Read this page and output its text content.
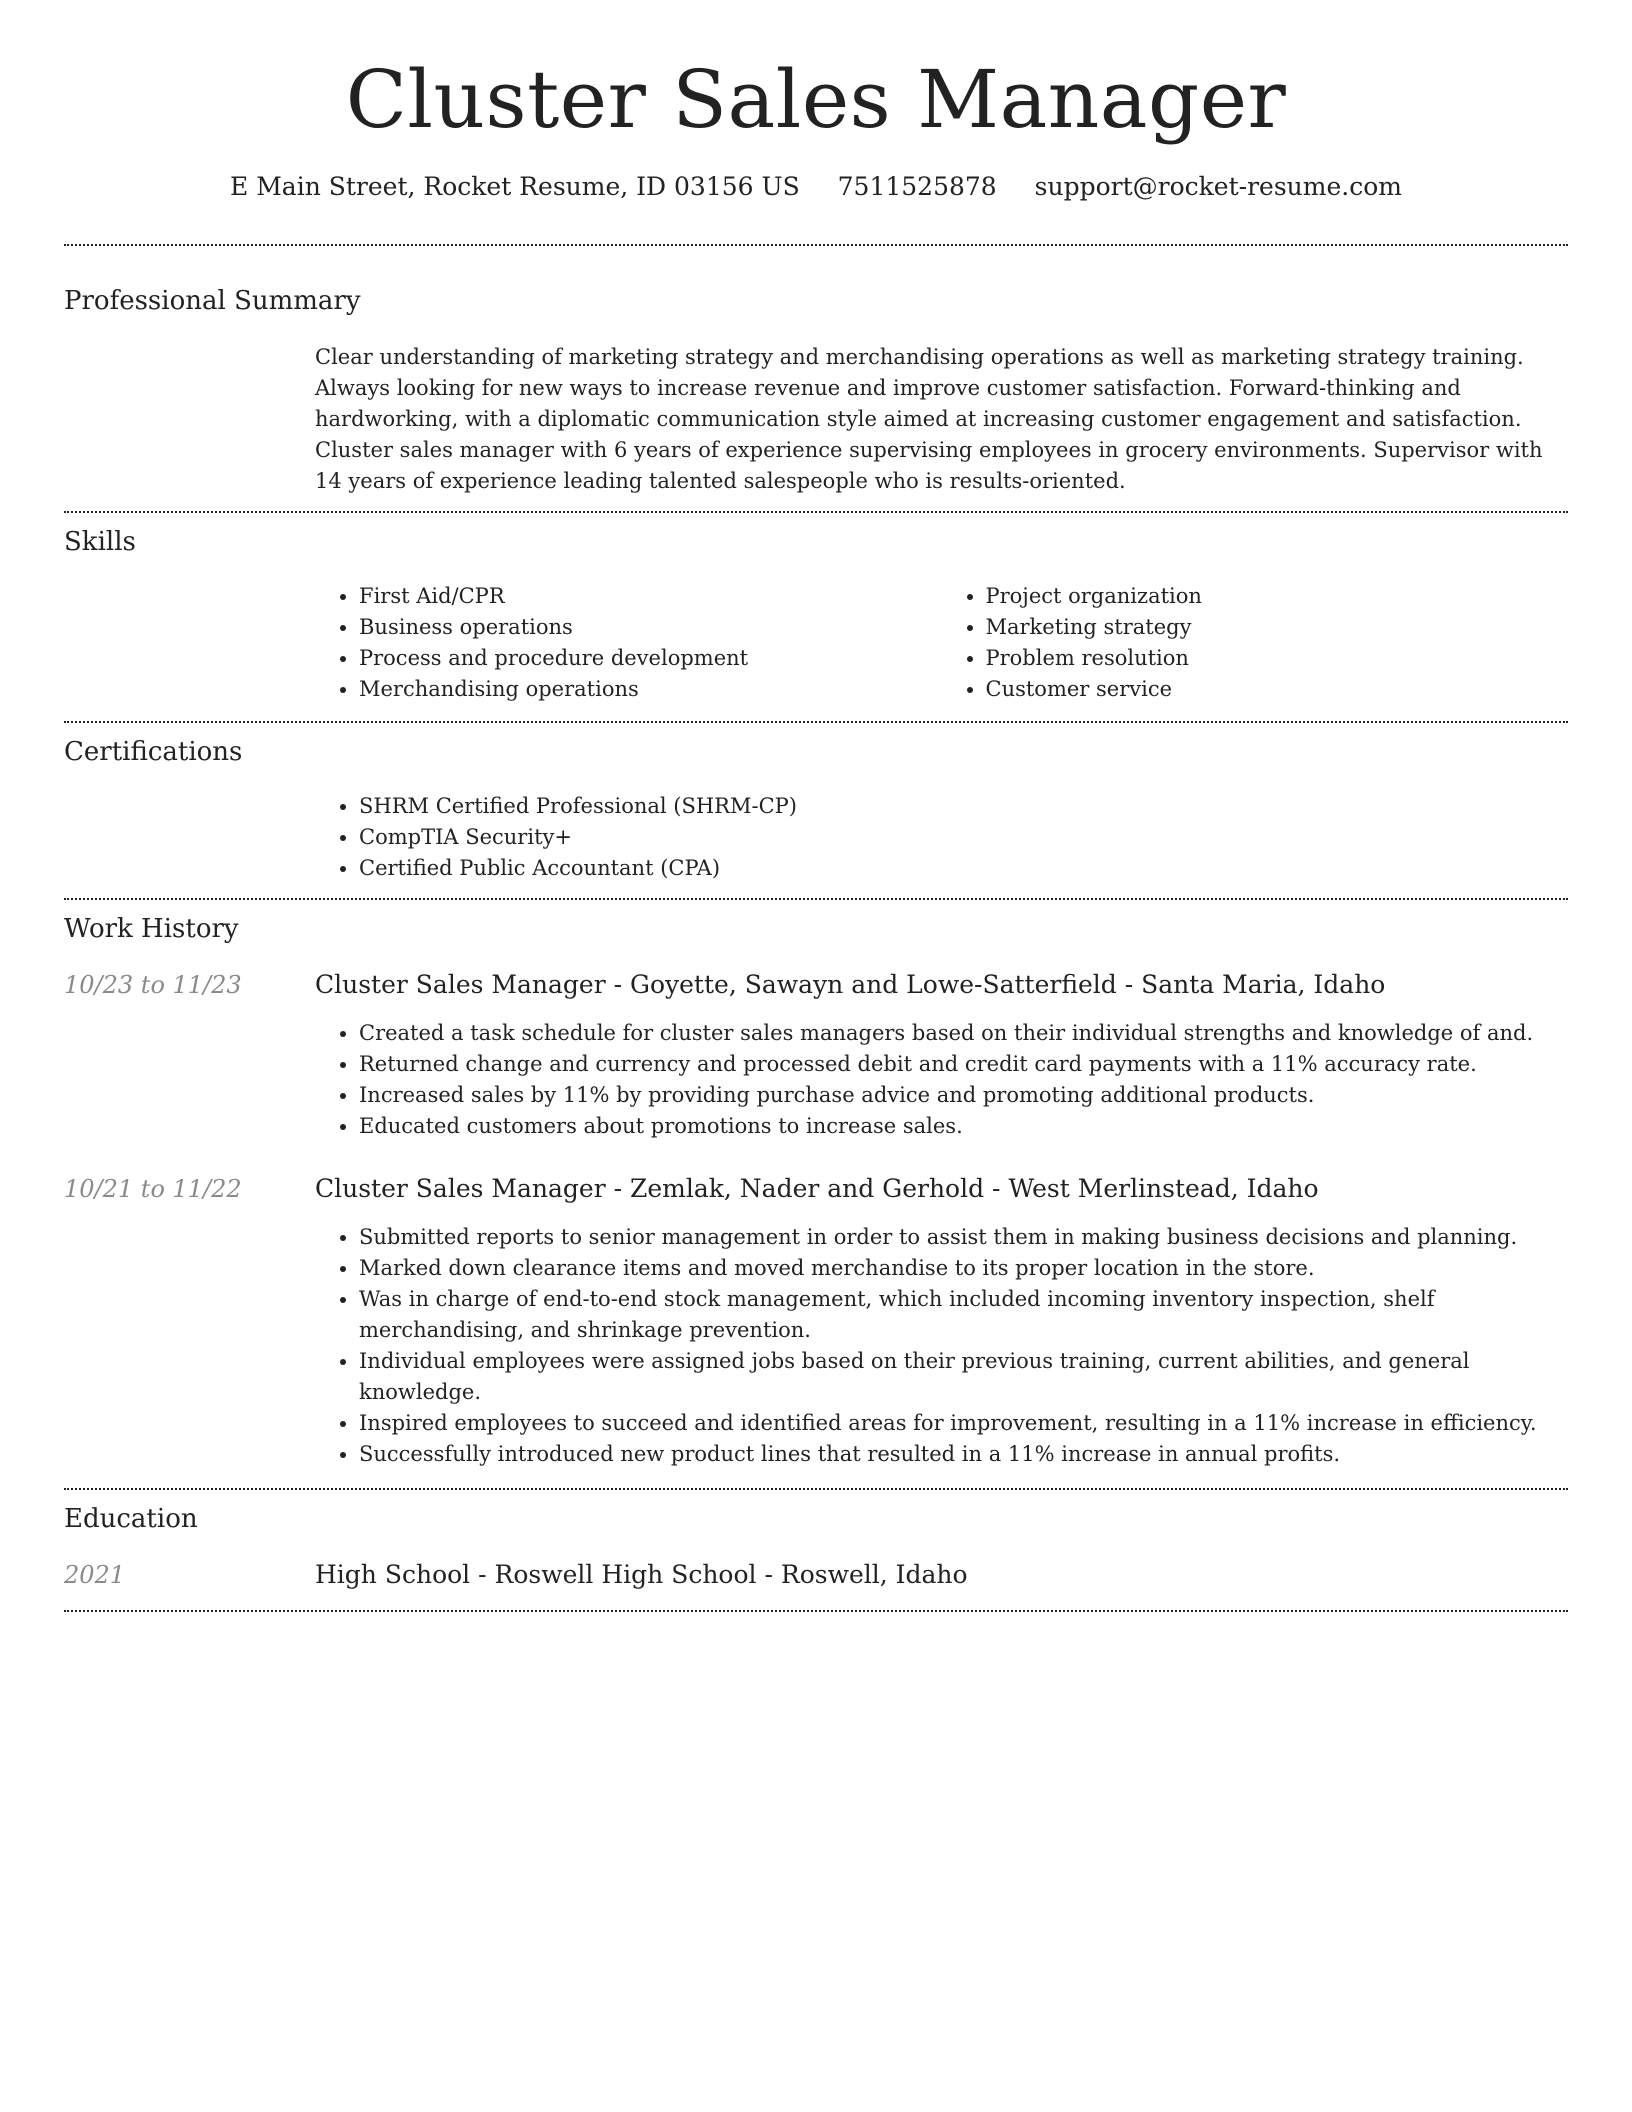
Cluster Sales Manager
E Main Street, Rocket Resume, ID 03156 US 7511525878 support@rocket-resume.com
Professional Summary

Clear understanding of marketing strategy and merchandising operations as well as marketing strategy training. Always looking for new ways to increase revenue and improve customer satisfaction. Forward-thinking and hardworking, with a diplomatic communication style aimed at increasing customer engagement and satisfaction. Cluster sales manager with 6 years of experience supervising employees in grocery environments. Supervisor with 14 years of experience leading talented salespeople who is results-oriented.

Skills
• First Aid/CPR
• Business operations
• Process and procedure development
• Merchandising operations
• Project organization
• Marketing strategy
• Problem resolution
• Customer service
Certifications
• SHRM Certified Professional (SHRM-CP)
• CompTIA Security+
• Certified Public Accountant (CPA)
Work History
10/23 to 11/23	Cluster Sales Manager - Goyette, Sawayn and Lowe-Satterfield - Santa Maria, Idaho
• Created a task schedule for cluster sales managers based on their individual strengths and knowledge of and.
• Returned change and currency and processed debit and credit card payments with a 11% accuracy rate.
• Increased sales by 11% by providing purchase advice and promoting additional products.
• Educated customers about promotions to increase sales.
10/21 to 11/22	Cluster Sales Manager - Zemlak, Nader and Gerhold - West Merlinstead, Idaho
• Submitted reports to senior management in order to assist them in making business decisions and planning.
• Marked down clearance items and moved merchandise to its proper location in the store.
• Was in charge of end-to-end stock management, which included incoming inventory inspection, shelf merchandising, and shrinkage prevention.
• Individual employees were assigned jobs based on their previous training, current abilities, and general knowledge.
• Inspired employees to succeed and identified areas for improvement, resulting in a 11% increase in efficiency.
• Successfully introduced new product lines that resulted in a 11% increase in annual profits.
Education
2021	High School - Roswell High School - Roswell, Idaho
